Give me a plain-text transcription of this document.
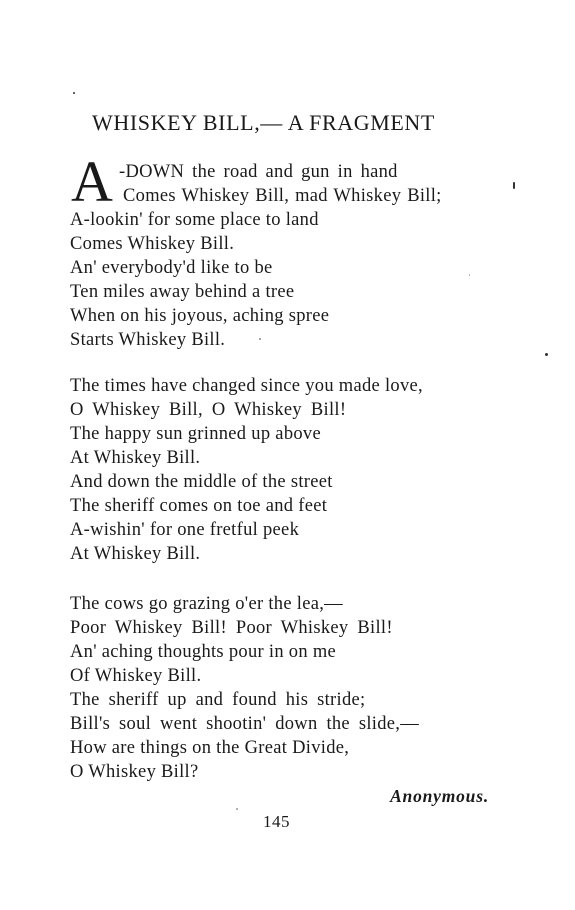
WHISKEY BILL,— A FRAGMENT
A -DOWN the road and gun in hand
Comes Whiskey Bill, mad Whiskey Bill;
A-lookin' for some place to land
Comes Whiskey Bill.
An' everybody'd like to be
Ten miles away behind a tree
When on his joyous, aching spree
Starts Whiskey Bill.
The times have changed since you made love,
O Whiskey Bill, O Whiskey Bill!
The happy sun grinned up above
At Whiskey Bill.
And down the middle of the street
The sheriff comes on toe and feet
A-wishin' for one fretful peek
At Whiskey Bill.
The cows go grazing o'er the lea,—
Poor Whiskey Bill! Poor Whiskey Bill!
An' aching thoughts pour in on me
Of Whiskey Bill.
The sheriff up and found his stride;
Bill's soul went shootin' down the slide,—
How are things on the Great Divide,
O Whiskey Bill?
Anonymous.
145
